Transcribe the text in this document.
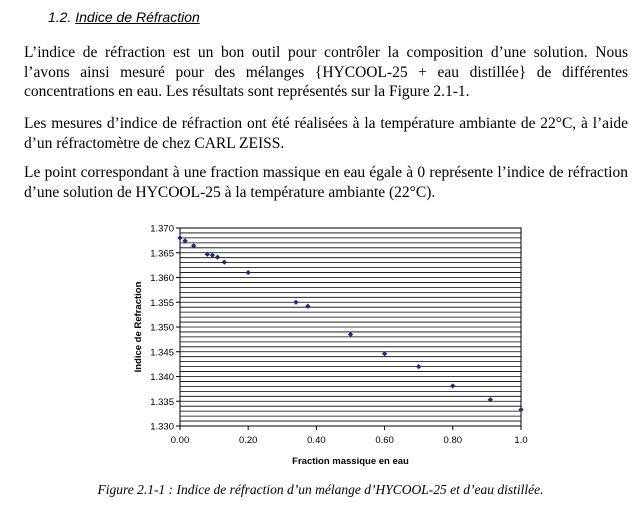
1.2. Indice de Réfraction

L’indice de réfraction est un bon outil pour contrôler la composition d’une solution. Nous l’avons ainsi mesuré pour des mélanges {HYCOOL-25 + eau distillée} de différentes concentrations en eau. Les résultats sont représentés sur la Figure 2.1-1.

Les mesures d’indice de réfraction ont été réalisées à la température ambiante de 22°C, à l’aide d’un réfractomètre de chez CARL ZEISS.

Le point correspondant à une fraction massique en eau égale à 0 représente l’indice de réfraction d’une solution de HYCOOL-25 à la température ambiante (22°C).

1.330
1.335
1.340
1.345
1.350
1.355
1.360
1.365
1.370
0.00	0.20	0.40	0.60	0.80	1.0
Fraction massique en eau
Indice de Refraction
Figure 2.1-1 : Indice de réfraction d’un mélange d’HYCOOL-25 et d’eau distillée.
